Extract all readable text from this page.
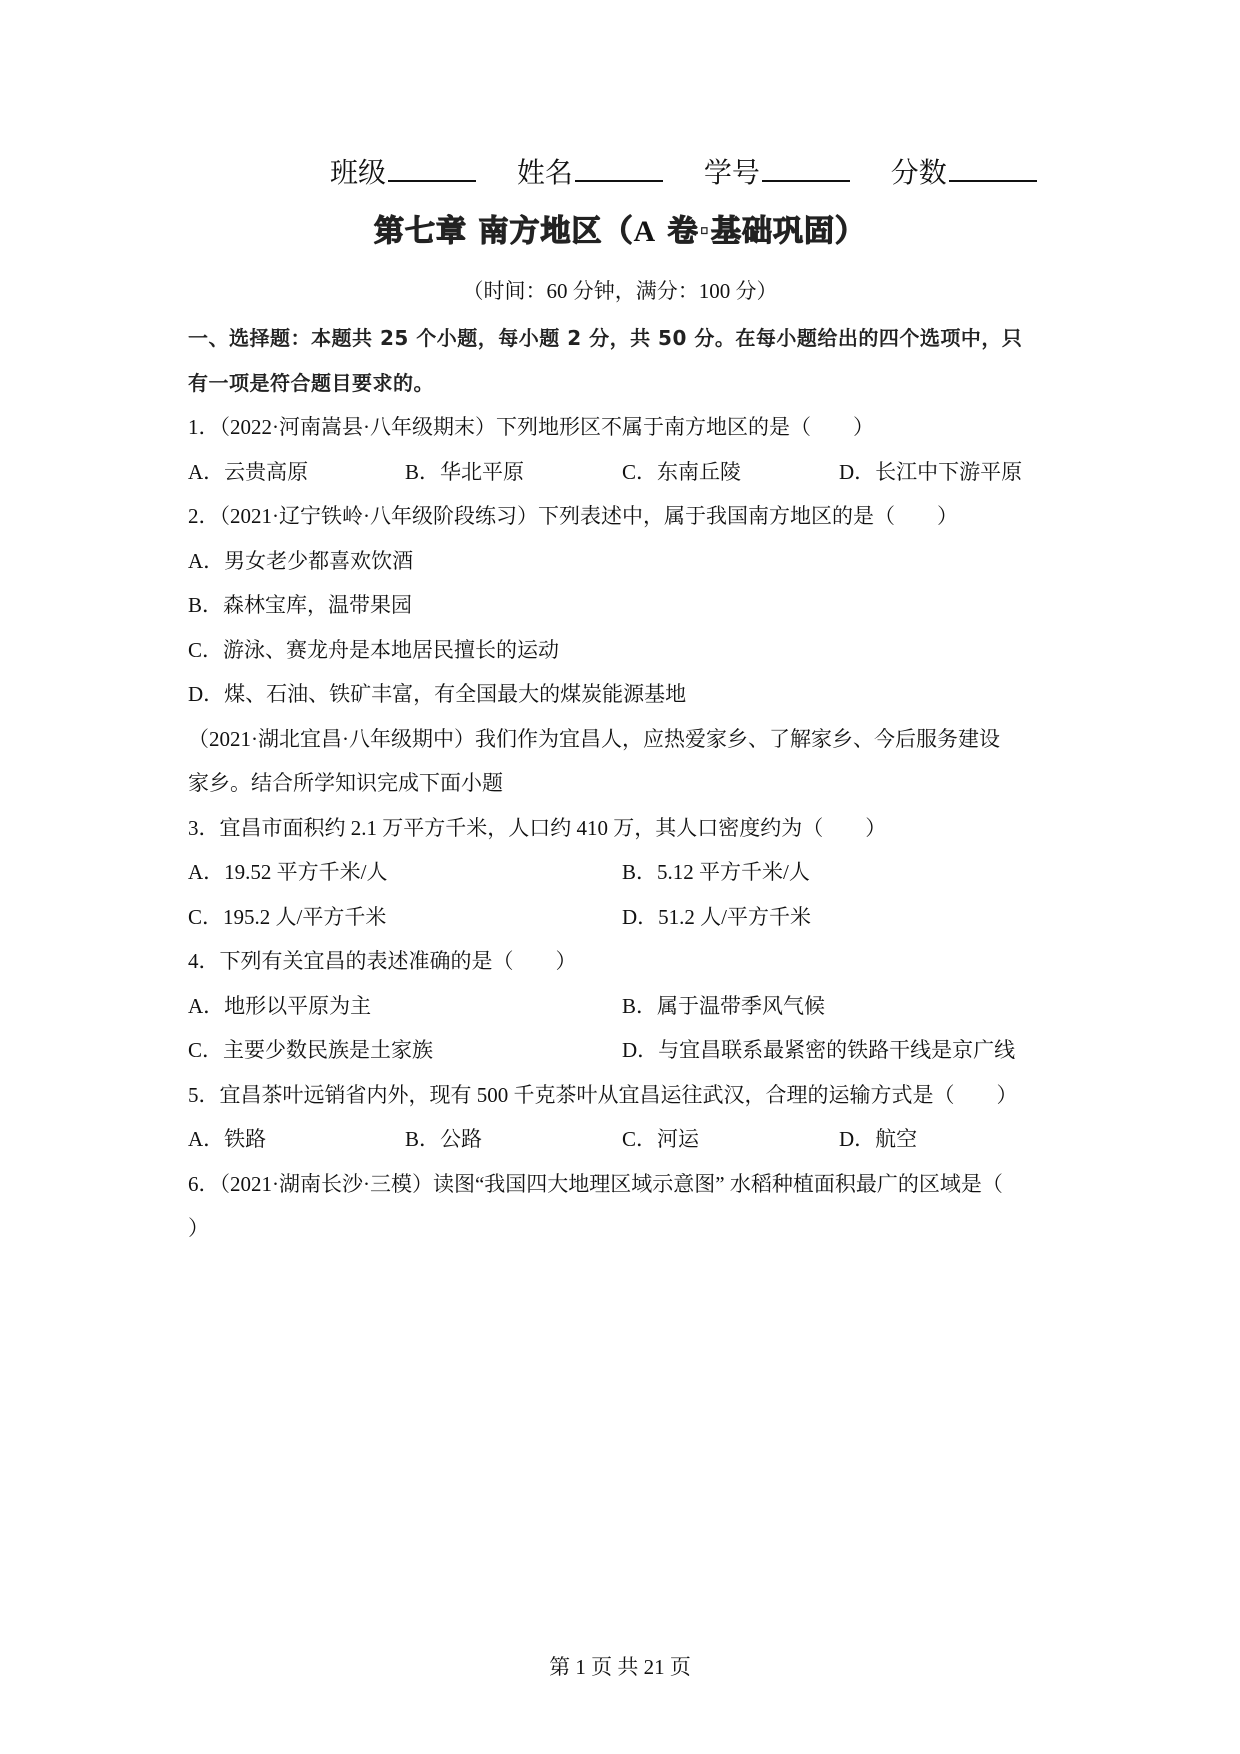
班级	姓名	学号	分数
第七章 南方地区（A 卷·基础巩固）
（时间：60 分钟，满分：100 分）
一、选择题：本题共 25 个小题，每小题 2 分，共 50 分。在每小题给出的四个选项中，只
有一项是符合题目要求的。
1．（2022·河南嵩县·八年级期末）下列地形区不属于南方地区的是（　　）
A．云贵高原	B．华北平原	C．东南丘陵	D．长江中下游平原
2．（2021·辽宁铁岭·八年级阶段练习）下列表述中，属于我国南方地区的是（　　）
A．男女老少都喜欢饮酒
B．森林宝库，温带果园
C．游泳、赛龙舟是本地居民擅长的运动
D．煤、石油、铁矿丰富，有全国最大的煤炭能源基地
（2021·湖北宜昌·八年级期中）我们作为宜昌人，应热爱家乡、了解家乡、今后服务建设
家乡。结合所学知识完成下面小题
3．宜昌市面积约 2.1 万平方千米，人口约 410 万，其人口密度约为（　　）
A．19.52 平方千米/人	B．5.12 平方千米/人
C．195.2 人/平方千米	D．51.2 人/平方千米
4．下列有关宜昌的表述准确的是（　　）
A．地形以平原为主	B．属于温带季风气候
C．主要少数民族是土家族	D．与宜昌联系最紧密的铁路干线是京广线
5．宜昌茶叶远销省内外，现有 500 千克茶叶从宜昌运往武汉，合理的运输方式是（　　）
A．铁路	B．公路	C．河运	D．航空
6．（2021·湖南长沙·三模）读图“我国四大地理区域示意图” 水稻种植面积最广的区域是（
）
第 1 页 共 21 页
